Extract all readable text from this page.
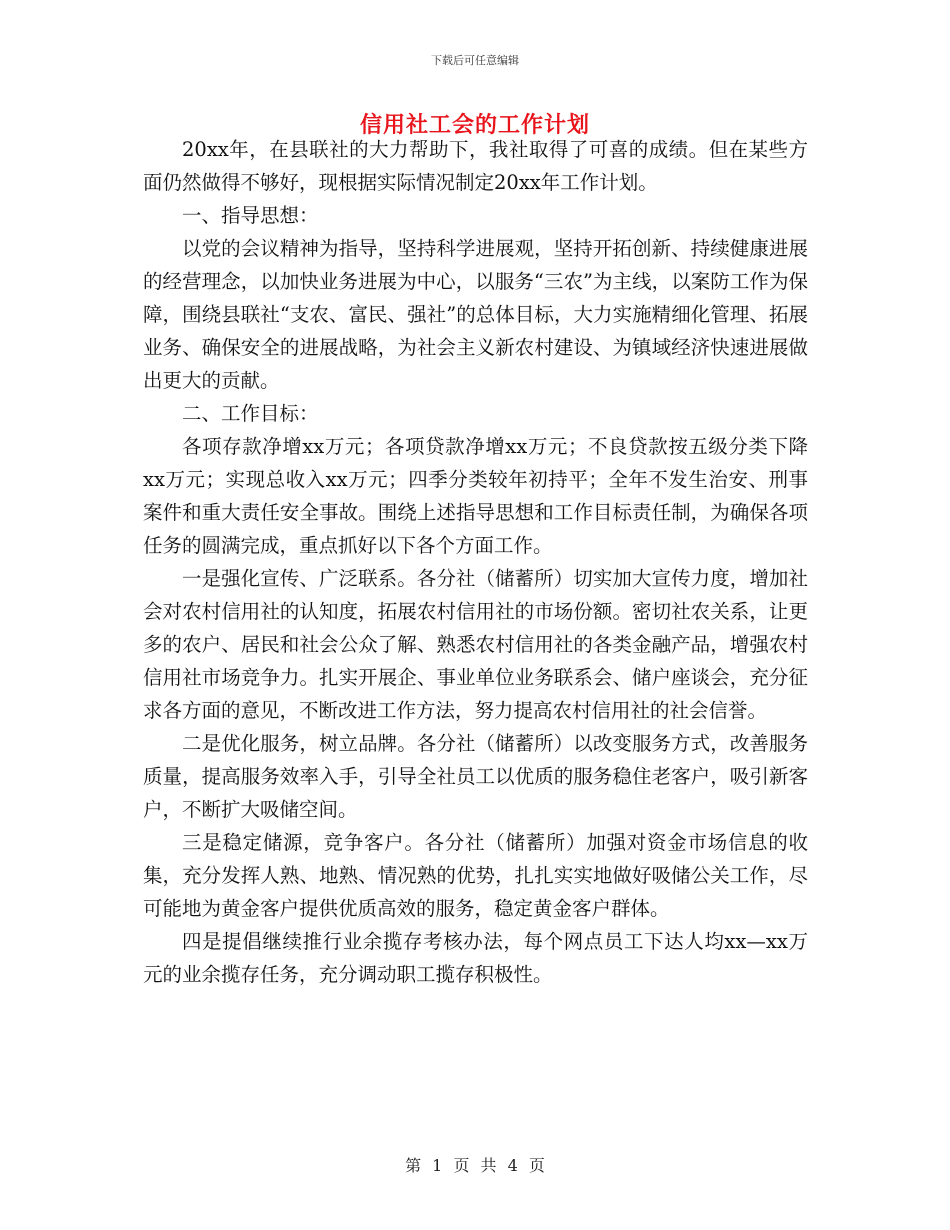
下载后可任意编辑
信用社工会的工作计划

20xx年，在县联社的大力帮助下，我社取得了可喜的成绩。但在某些方面仍然做得不够好，现根据实际情况制定20xx年工作计划。

一、指导思想：

以党的会议精神为指导，坚持科学进展观，坚持开拓创新、持续健康进展的经营理念，以加快业务进展为中心，以服务“三农”为主线，以案防工作为保障，围绕县联社“支农、富民、强社”的总体目标，大力实施精细化管理、拓展业务、确保安全的进展战略，为社会主义新农村建设、为镇域经济快速进展做出更大的贡献。

二、工作目标：

各项存款净增xx万元；各项贷款净增xx万元；不良贷款按五级分类下降xx万元；实现总收入xx万元；四季分类较年初持平；全年不发生治安、刑事案件和重大责任安全事故。围绕上述指导思想和工作目标责任制，为确保各项任务的圆满完成，重点抓好以下各个方面工作。

一是强化宣传、广泛联系。各分社（储蓄所）切实加大宣传力度，增加社会对农村信用社的认知度，拓展农村信用社的市场份额。密切社农关系，让更多的农户、居民和社会公众了解、熟悉农村信用社的各类金融产品，增强农村信用社市场竞争力。扎实开展企、事业单位业务联系会、储户座谈会，充分征求各方面的意见，不断改进工作方法，努力提高农村信用社的社会信誉。

二是优化服务，树立品牌。各分社（储蓄所）以改变服务方式，改善服务质量，提高服务效率入手，引导全社员工以优质的服务稳住老客户，吸引新客户，不断扩大吸储空间。

三是稳定储源，竞争客户。各分社（储蓄所）加强对资金市场信息的收集，充分发挥人熟、地熟、情况熟的优势，扎扎实实地做好吸储公关工作，尽可能地为黄金客户提供优质高效的服务，稳定黄金客户群体。

四是提倡继续推行业余揽存考核办法，每个网点员工下达人均xx—xx万元的业余揽存任务，充分调动职工揽存积极性。

第 1 页 共 4 页
